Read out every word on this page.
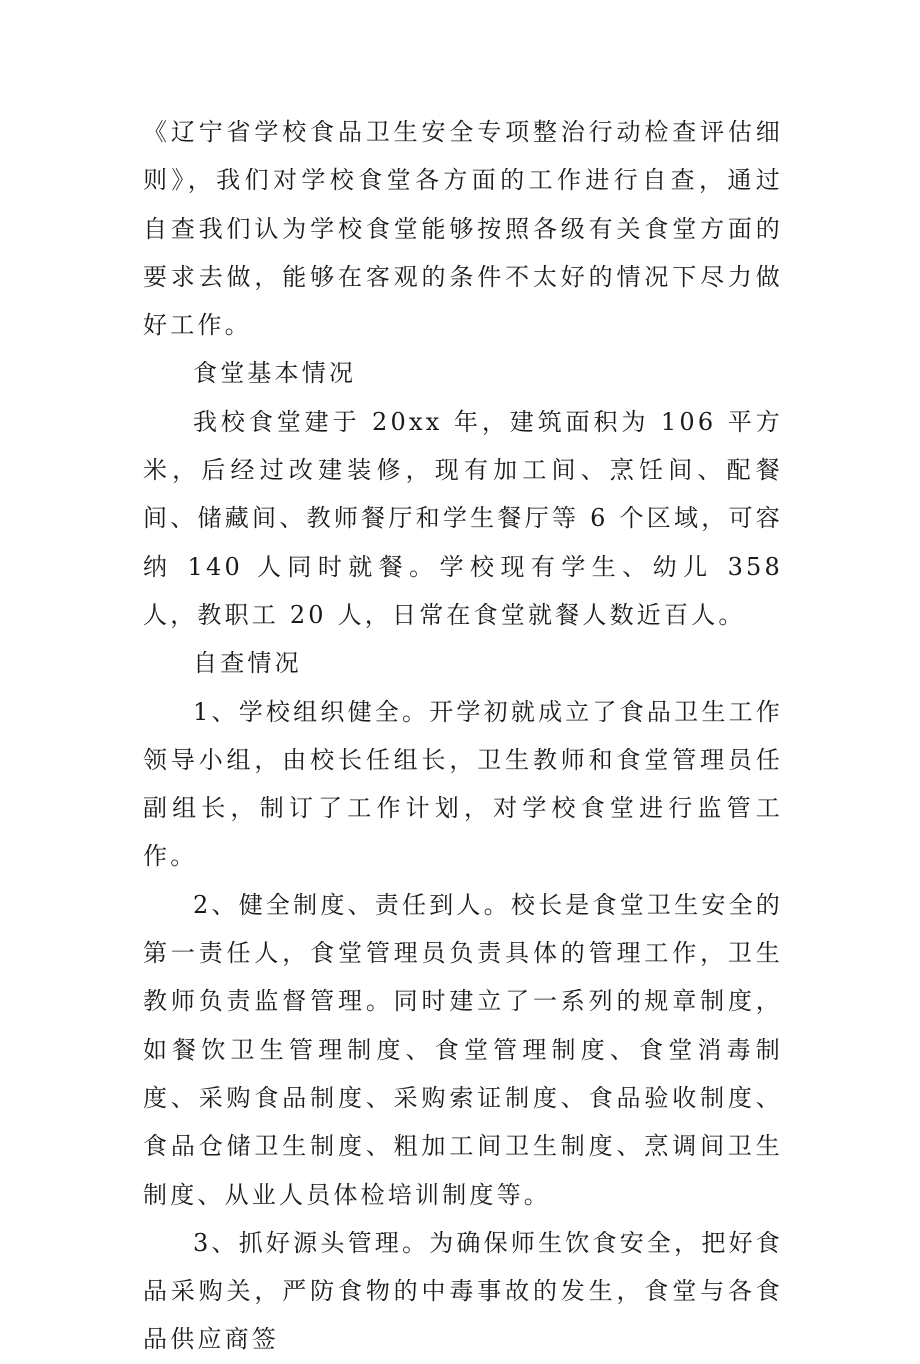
《辽宁省学校食品卫生安全专项整治行动检查评估细则》，我们对学校食堂各方面的工作进行自查，通过自查我们认为学校食堂能够按照各级有关食堂方面的要求去做，能够在客观的条件不太好的情况下尽力做好工作。

食堂基本情况

我校食堂建于 20xx 年，建筑面积为 106 平方米，后经过改建装修，现有加工间、烹饪间、配餐间、储藏间、教师餐厅和学生餐厅等 6 个区域，可容纳 140 人同时就餐。学校现有学生、幼儿 358 人，教职工 20 人，日常在食堂就餐人数近百人。

自查情况

1、学校组织健全。开学初就成立了食品卫生工作领导小组，由校长任组长，卫生教师和食堂管理员任副组长，制订了工作计划，对学校食堂进行监管工作。

2、健全制度、责任到人。校长是食堂卫生安全的第一责任人，食堂管理员负责具体的管理工作，卫生教师负责监督管理。同时建立了一系列的规章制度，如餐饮卫生管理制度、食堂管理制度、食堂消毒制度、采购食品制度、采购索证制度、食品验收制度、食品仓储卫生制度、粗加工间卫生制度、烹调间卫生制度、从业人员体检培训制度等。

3、抓好源头管理。为确保师生饮食安全，把好食品采购关，严防食物的中毒事故的发生，食堂与各食品供应商签
